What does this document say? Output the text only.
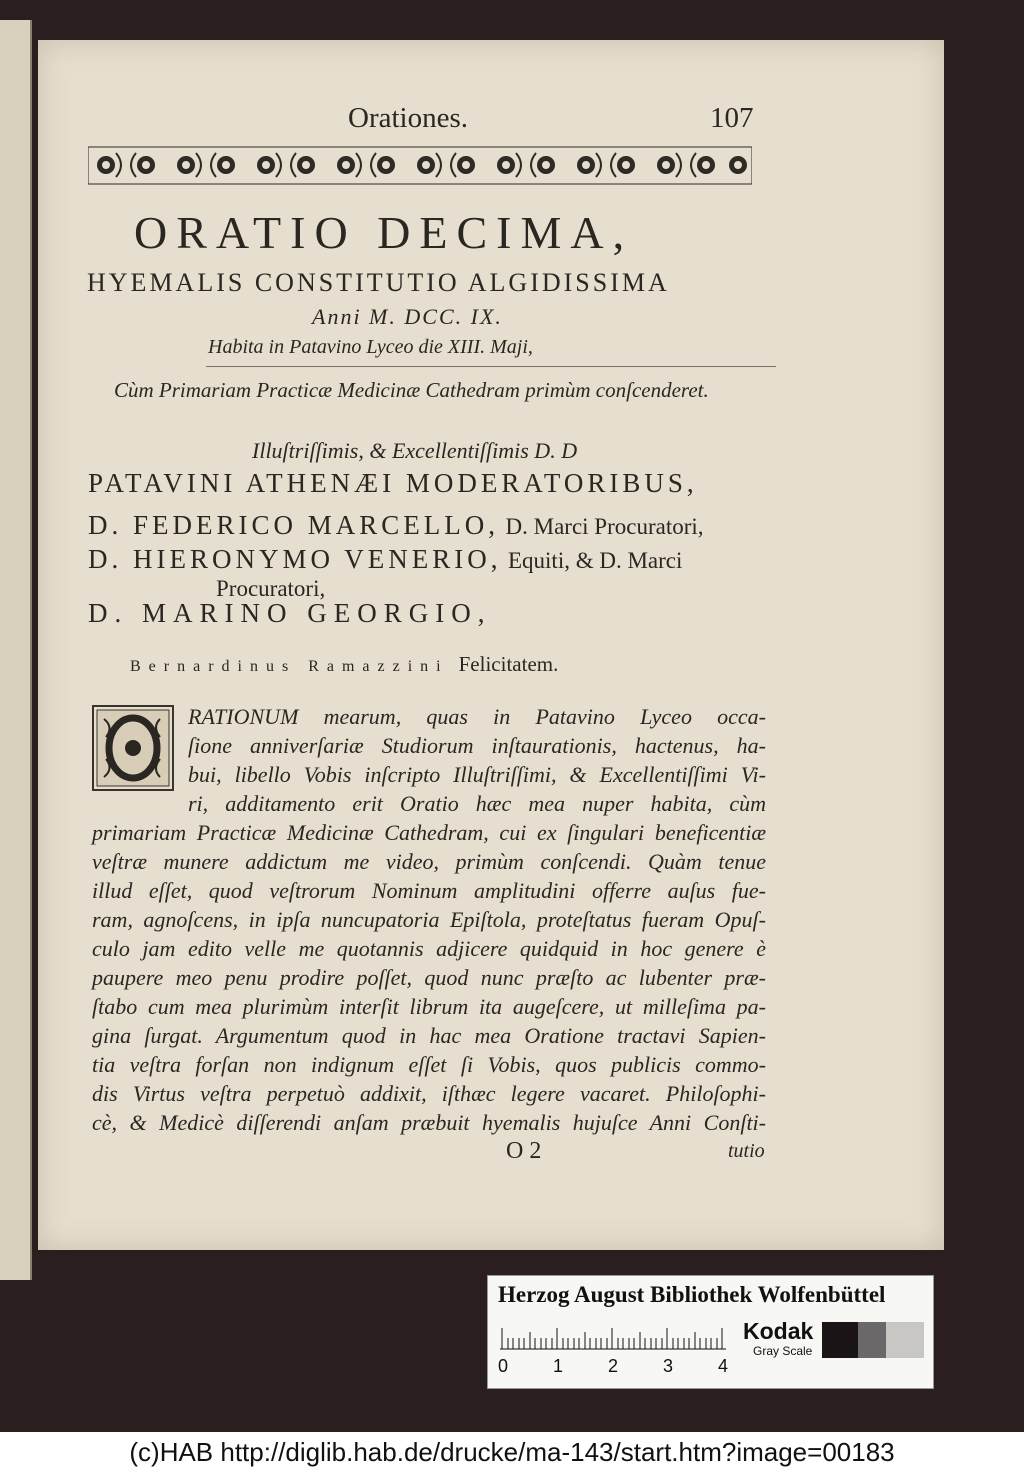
Orationes.	107
ORATIO DECIMA,
HYEMALIS CONSTITUTIO ALGIDISSIMA
Anni M. DCC. IX.
Habita in Patavino Lyceo die XIII. Maji,
Cùm Primariam Practicæ Medicinæ Cathedram primùm conſcenderet.
Illuſtriſſimis, & Excellentiſſimis D. D
PATAVINI ATHENÆI MODERATORIBUS,
D. FEDERICO MARCELLO, D. Marci Procuratori,
D. HIERONYMO VENERIO, Equiti, & D. Marci
Procuratori,
D. MARINO GEORGIO,
Bernardinus Ramazzini Felicitatem.
RATIONUM mearum, quas in Patavino Lyceo occa-
ſione anniverſariæ Studiorum inſtaurationis, hactenus, ha-
bui, libello Vobis inſcripto Illuſtriſſimi, & Excellentiſſimi Vi-
ri, additamento erit Oratio hæc mea nuper habita, cùm
primariam Practicæ Medicinæ Cathedram, cui ex ſingulari beneficentiæ
veſtræ munere addictum me video, primùm conſcendi. Quàm tenue
illud eſſet, quod veſtrorum Nominum amplitudini offerre auſus fue-
ram, agnoſcens, in ipſa nuncupatoria Epiſtola, proteſtatus fueram Opuſ-
culo jam edito velle me quotannis adjicere quidquid in hoc genere è
paupere meo penu prodire poſſet, quod nunc præſto ac lubenter præ-
ſtabo cum mea plurimùm interſit librum ita augeſcere, ut milleſima pa-
gina ſurgat. Argumentum quod in hac mea Oratione tractavi Sapien-
tia veſtra forſan non indignum eſſet ſi Vobis, quos publicis commo-
dis Virtus veſtra perpetuò addixit, iſthæc legere vacaret. Philoſophi-
cè, & Medicè diſſerendi anſam præbuit hyemalis hujuſce Anni Conſti-
O 2	tutio
Herzog August Bibliothek Wolfenbüttel
0 1 2 3 4
Kodak
Gray Scale
(c)HAB http://diglib.hab.de/drucke/ma-143/start.htm?image=00183
